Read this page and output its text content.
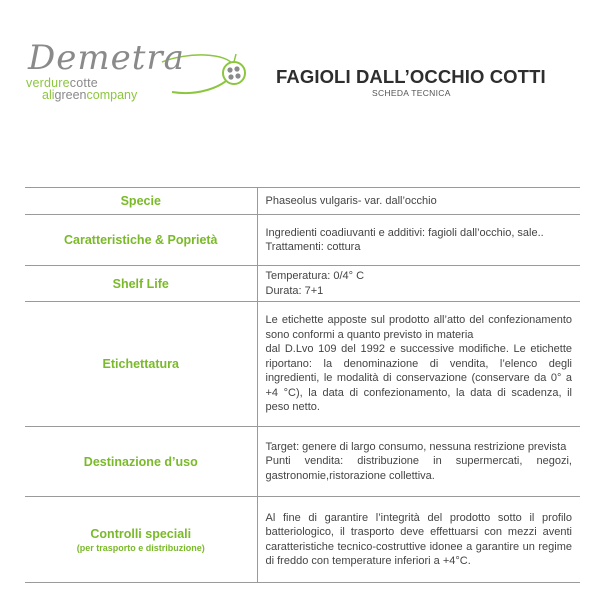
Demetra
verdurecotte
aligreencompany
FAGIOLI DALL’OCCHIO COTTI
SCHEDA TECNICA
Specie	Phaseolus vulgaris- var. dall’occhio

Caratteristiche & Poprietà	Ingredienti coadiuvanti e additivi: fagioli dall’occhio, sale..
Trattamenti: cottura

Shelf Life	Temperatura: 0/4° C
Durata: 7+1

Etichettatura	Le etichette apposte sul prodotto all’atto del confezionamento sono conformi a quanto previsto in materia
dal D.Lvo 109 del 1992 e successive modifiche. Le etichette riportano: la denominazione di vendita, l’elenco degli ingredienti, le modalità di conservazione (conservare da 0° a +4 °C), la data di confezionamento, la data di scadenza, il peso netto.

Destinazione d’uso	Target: genere di largo consumo, nessuna restrizione prevista
Punti vendita: distribuzione in supermercati, negozi, gastronomie,ristorazione collettiva.

Controlli speciali
(per trasporto e distribuzione)	Al fine di garantire l’integrità del prodotto sotto il profilo batteriologico, il trasporto deve effettuarsi con mezzi aventi caratteristiche tecnico-costruttive idonee a garantire un regime di freddo con temperature inferiori a +4°C.
